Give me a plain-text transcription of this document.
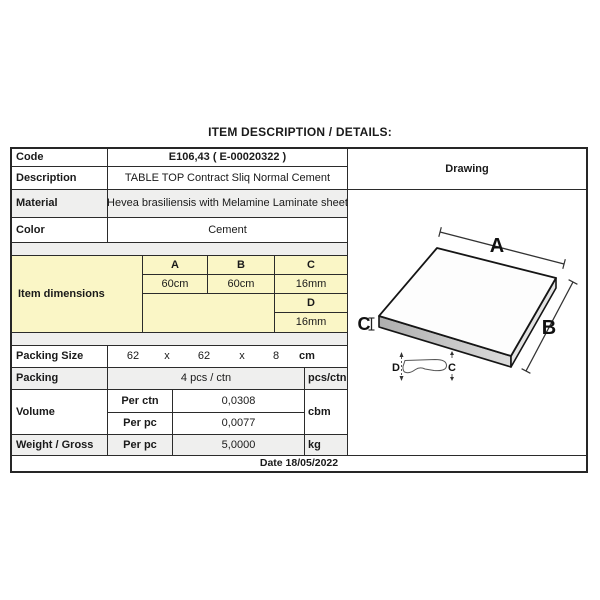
ITEM DESCRIPTION / DETAILS:
Code	E106,43 ( E-00020322 )
Description	TABLE TOP Contract Sliq Normal Cement
Material	Hevea brasiliensis with Melamine Laminate sheet
Color	Cement
Item dimensions
A	B	C
60cm	60cm	16mm
D
16mm
Packing Size	62	x	62	x	8	cm
Packing	4 pcs / ctn	pcs/ctn
Volume
Per ctn	0,0308
Per pc	0,0077
cbm
Weight / Gross	Per pc	5,0000	kg
Date 18/05/2022
Drawing
A
B
C
D	C
